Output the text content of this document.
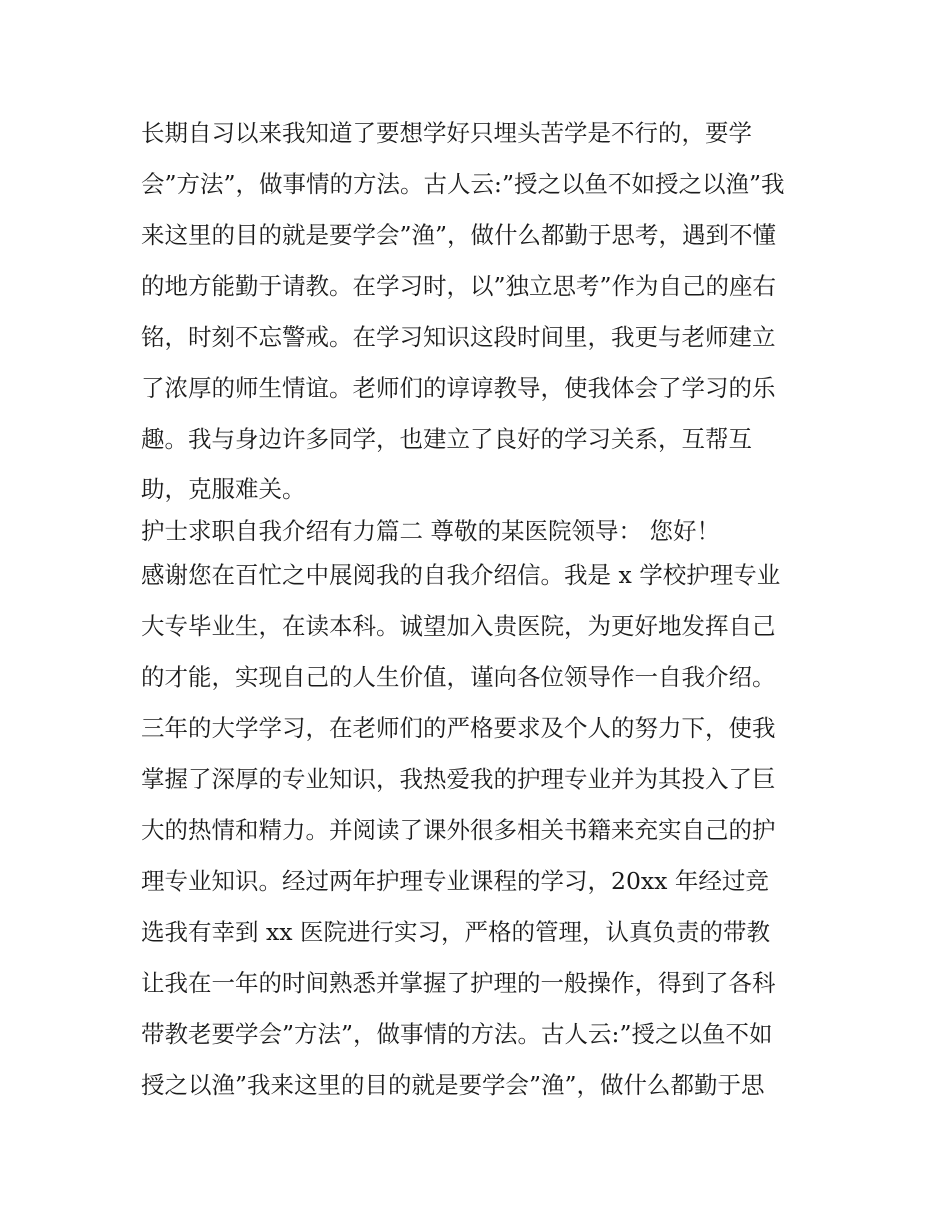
长期自习以来我知道了要想学好只埋头苦学是不行的，要学
会”方法”，做事情的方法。古人云:”授之以鱼不如授之以渔”我
来这里的目的就是要学会”渔”，做什么都勤于思考，遇到不懂
的地方能勤于请教。在学习时，以”独立思考”作为自己的座右
铭，时刻不忘警戒。在学习知识这段时间里，我更与老师建立
了浓厚的师生情谊。老师们的谆谆教导，使我体会了学习的乐
趣。我与身边许多同学，也建立了良好的学习关系，互帮互
助，克服难关。
护士求职自我介绍有力篇二 尊敬的某医院领导： 您好！
感谢您在百忙之中展阅我的自我介绍信。我是 x 学校护理专业
大专毕业生，在读本科。诚望加入贵医院，为更好地发挥自己
的才能，实现自己的人生价值，谨向各位领导作一自我介绍。
三年的大学学习，在老师们的严格要求及个人的努力下，使我
掌握了深厚的专业知识，我热爱我的护理专业并为其投入了巨
大的热情和精力。并阅读了课外很多相关书籍来充实自己的护
理专业知识。经过两年护理专业课程的学习，20xx 年经过竞
选我有幸到 xx 医院进行实习，严格的管理，认真负责的带教
让我在一年的时间熟悉并掌握了护理的一般操作，得到了各科
带教老要学会”方法”，做事情的方法。古人云:”授之以鱼不如
授之以渔”我来这里的目的就是要学会”渔”，做什么都勤于思
